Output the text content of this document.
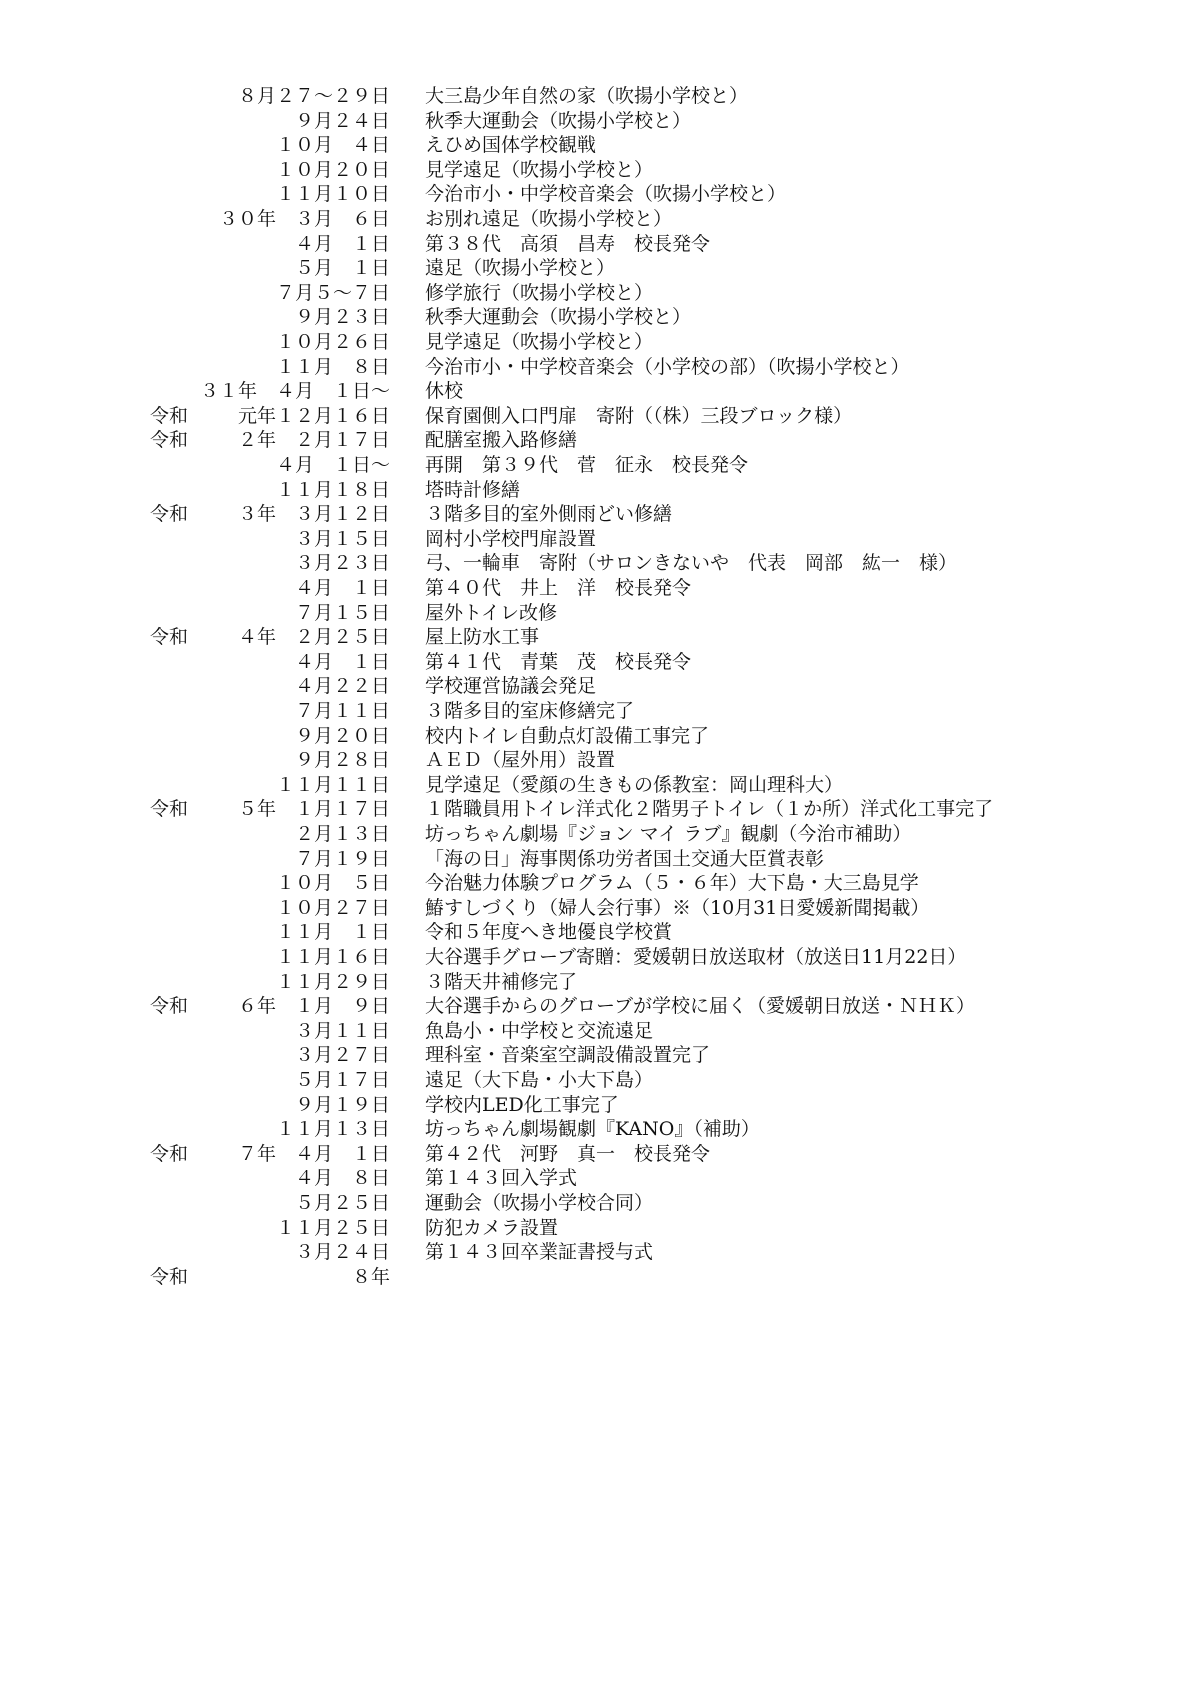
８月２７～２９日 大三島少年自然の家（吹揚小学校と）
９月２４日 秋季大運動会（吹揚小学校と）
１０月　４日 えひめ国体学校観戦
１０月２０日 見学遠足（吹揚小学校と）
１１月１０日 今治市小・中学校音楽会（吹揚小学校と）
３０年　３月　６日 お別れ遠足（吹揚小学校と）
４月　１日 第３８代　高須　昌寿　校長発令
５月　１日 遠足（吹揚小学校と）
７月５～７日 修学旅行（吹揚小学校と）
９月２３日 秋季大運動会（吹揚小学校と）
１０月２６日 見学遠足（吹揚小学校と）
１１月　８日 今治市小・中学校音楽会（小学校の部）（吹揚小学校と）
３１年　４月　１日～ 休校
令和	元年１２月１６日 保育園側入口門扉　寄附（（株）三段ブロック様）
令和	２年　２月１７日 配膳室搬入路修繕
４月　１日～ 再開　第３９代　菅　征永　校長発令
１１月１８日 塔時計修繕
令和	３年　３月１２日 ３階多目的室外側雨どい修繕
３月１５日 岡村小学校門扉設置
３月２３日 弓、一輪車　寄附（サロンきないや　代表　岡部　紘一　様）
４月　１日 第４０代　井上　洋　校長発令
７月１５日 屋外トイレ改修
令和	４年　２月２５日 屋上防水工事
４月　１日 第４１代　青葉　茂　校長発令
４月２２日 学校運営協議会発足
７月１１日 ３階多目的室床修繕完了
９月２０日 校内トイレ自動点灯設備工事完了
９月２８日 ＡＥＤ（屋外用）設置
１１月１１日 見学遠足（愛顔の生きもの係教室：岡山理科大）
令和	５年　１月１７日 １階職員用トイレ洋式化２階男子トイレ（１か所）洋式化工事完了
２月１３日 坊っちゃん劇場『ジョン マイ ラブ』観劇（今治市補助）
７月１９日 「海の日」海事関係功労者国土交通大臣賞表彰
１０月　５日 今治魅力体験プログラム（５・６年）大下島・大三島見学
１０月２７日 鰆すしづくり（婦人会行事）※（10月31日愛媛新聞掲載）
１１月　１日 令和５年度へき地優良学校賞
１１月１６日 大谷選手グローブ寄贈：愛媛朝日放送取材（放送日11月22日）
１１月２９日 ３階天井補修完了
令和	６年　１月　９日 大谷選手からのグローブが学校に届く（愛媛朝日放送・ＮＨＫ）
３月１１日 魚島小・中学校と交流遠足
３月２７日 理科室・音楽室空調設備設置完了
５月１７日 遠足（大下島・小大下島）
９月１９日 学校内LED化工事完了
１１月１３日 坊っちゃん劇場観劇『KANO』（補助）
令和	７年　４月　１日 第４２代　河野　真一　校長発令
４月　８日 第１４３回入学式
５月２５日 運動会（吹揚小学校合同）
１１月２５日 防犯カメラ設置
３月２４日 第１４３回卒業証書授与式
令和	８年
